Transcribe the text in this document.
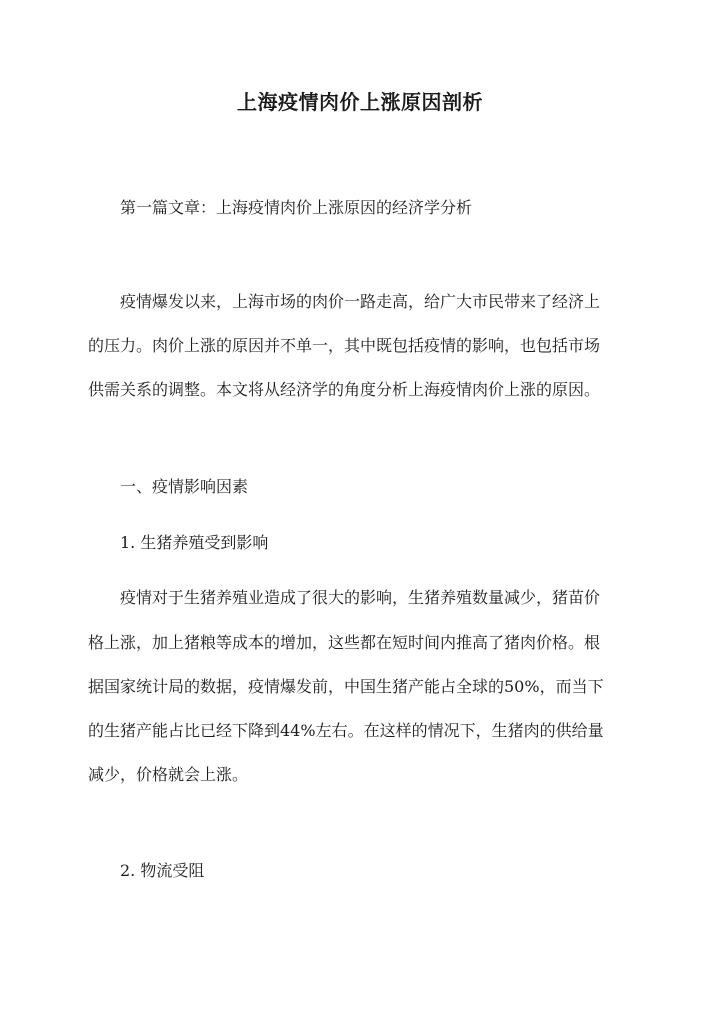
上海疫情肉价上涨原因剖析

第一篇文章：上海疫情肉价上涨原因的经济学分析

疫情爆发以来，上海市场的肉价一路走高，给广大市民带来了经济上

的压力。肉价上涨的原因并不单一，其中既包括疫情的影响，也包括市场

供需关系的调整。本文将从经济学的角度分析上海疫情肉价上涨的原因。

一、疫情影响因素

1. 生猪养殖受到影响

疫情对于生猪养殖业造成了很大的影响，生猪养殖数量减少，猪苗价

格上涨，加上猪粮等成本的增加，这些都在短时间内推高了猪肉价格。根

据国家统计局的数据，疫情爆发前，中国生猪产能占全球的50%，而当下

的生猪产能占比已经下降到44%左右。在这样的情况下，生猪肉的供给量

减少，价格就会上涨。

2. 物流受阻
